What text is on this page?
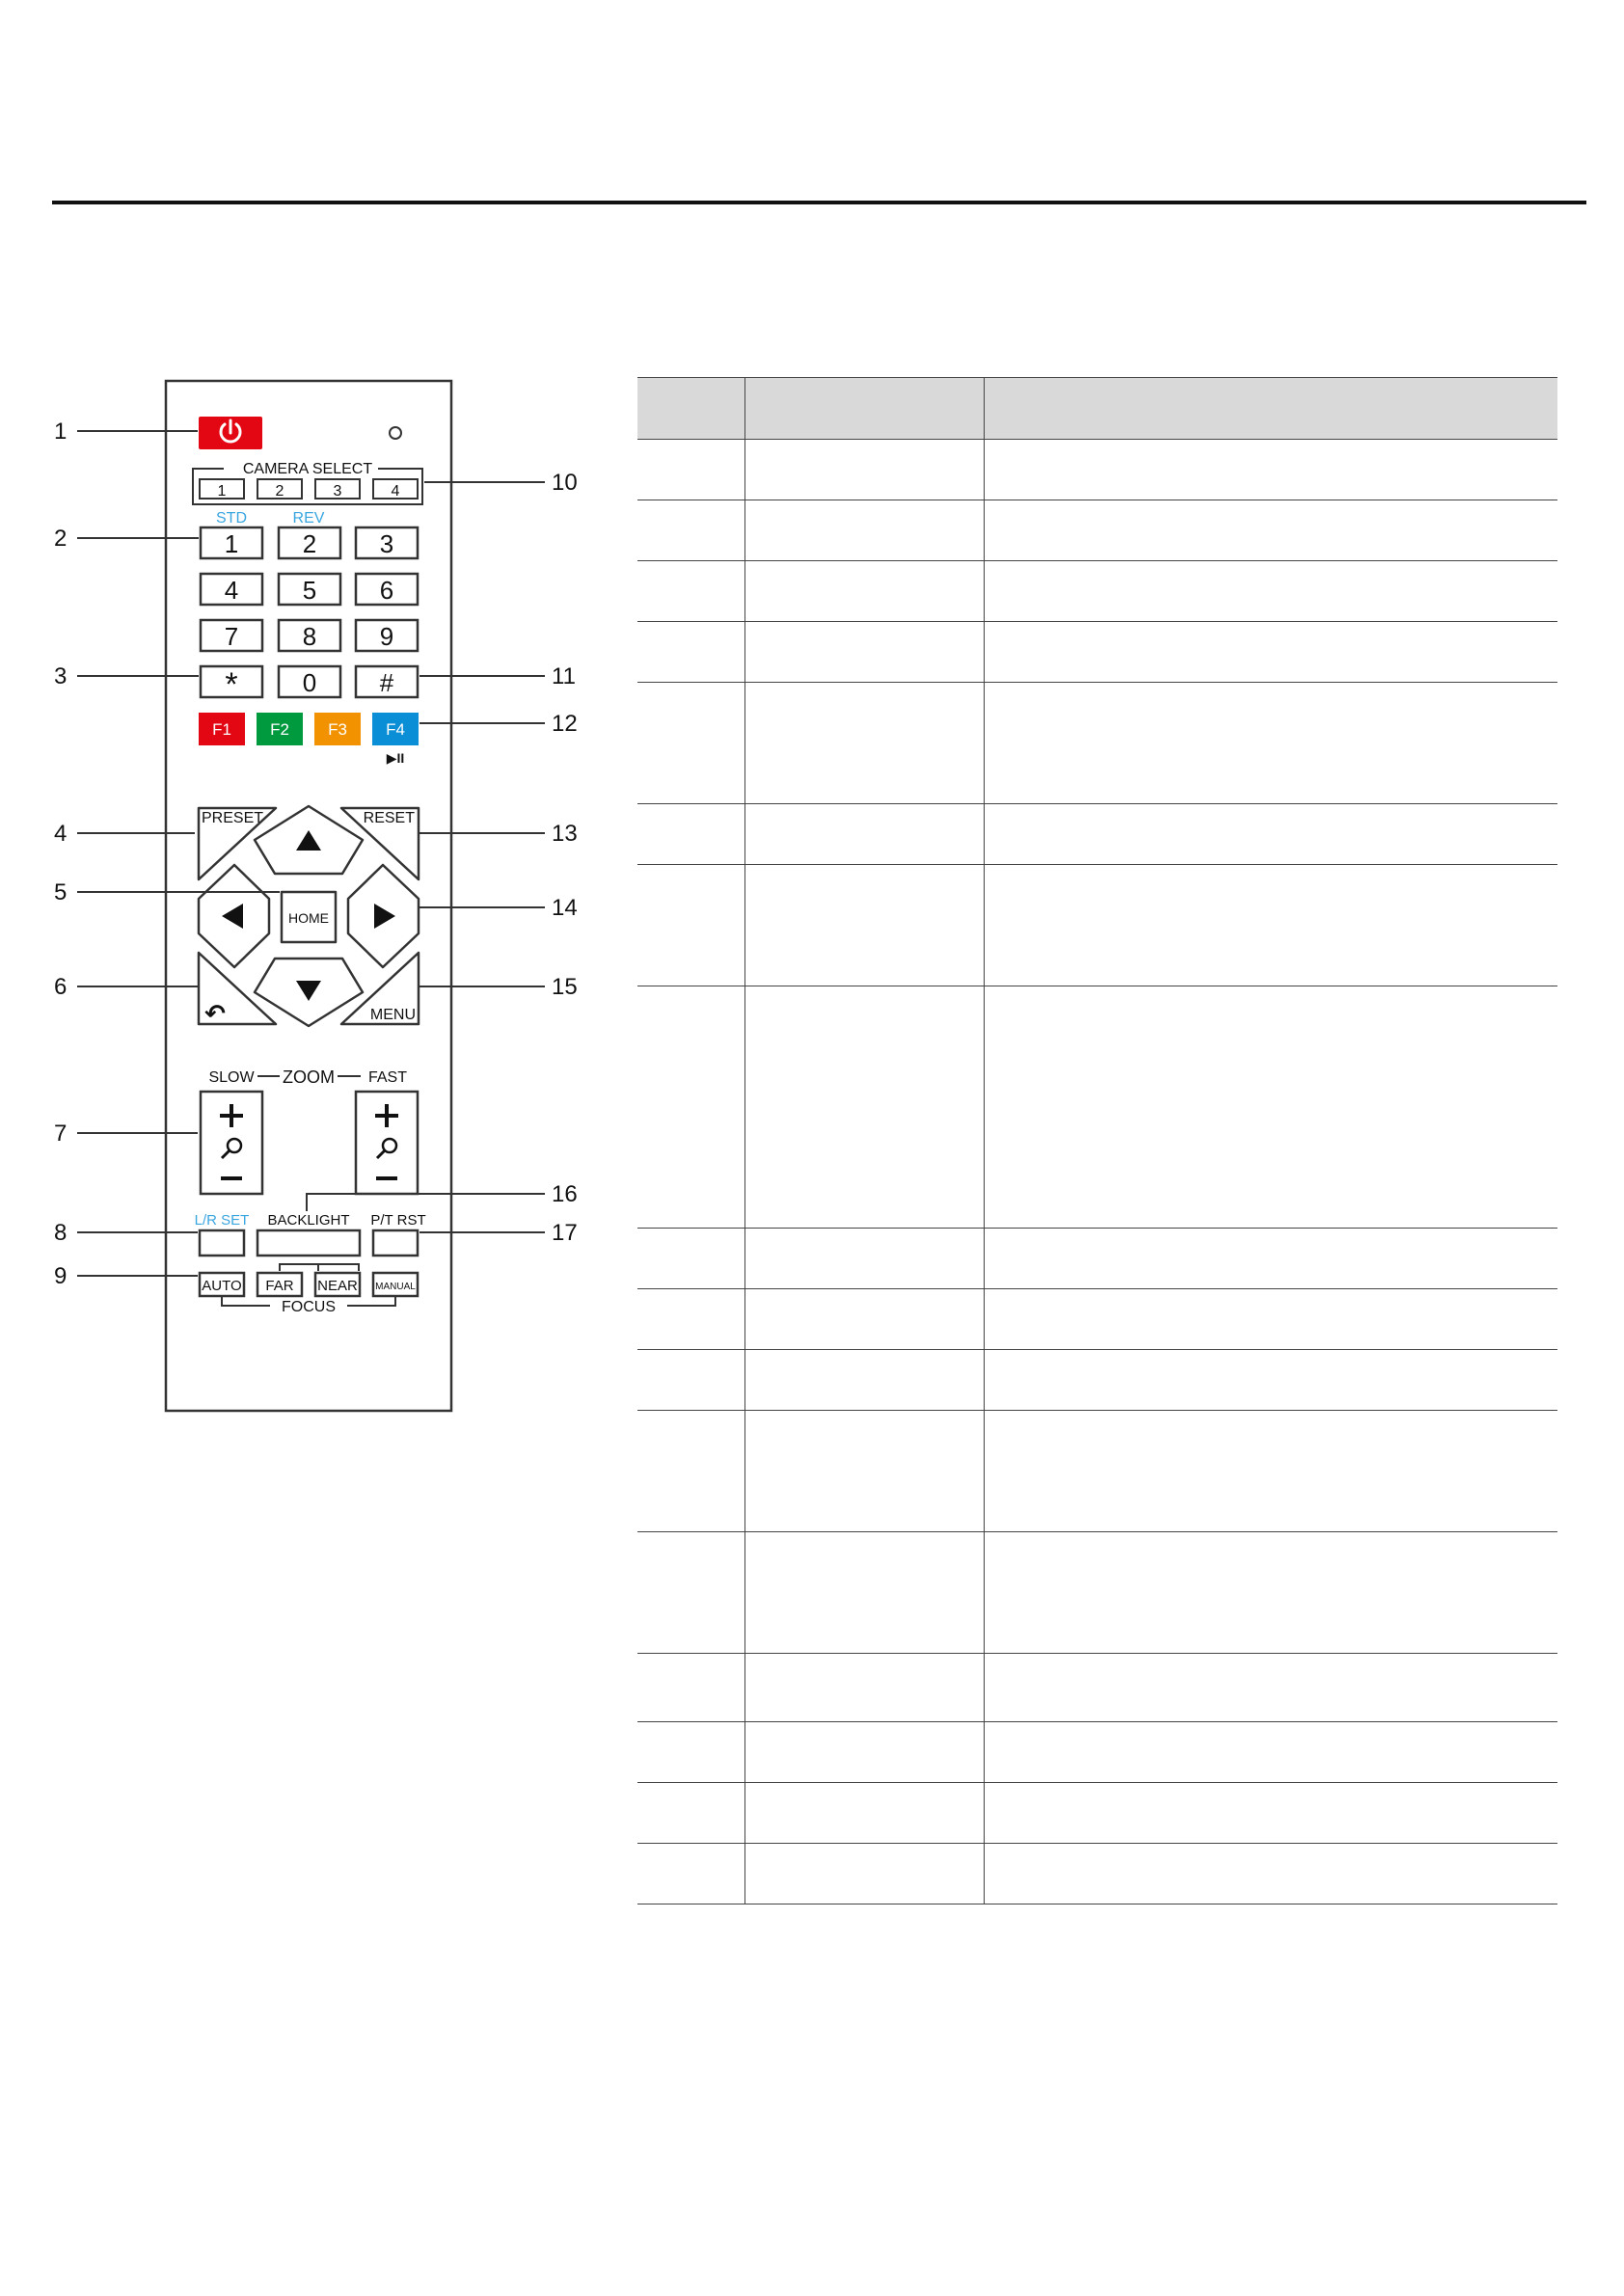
CAMERA SELECT
1	2	3	4
STD	REV
1	2	3
4	5	6
7	8	9
*	0	#
F1 F2 F3 F4
▶II
PRESET	RESET
HOME
MENU
↶
SLOW ZOOM FAST
L/R SET BACKLIGHT P/T RST
AUTO FAR NEAR MANUAL
FOCUS
1
2
3
4
5
6
7
8
9
10
11
12
13
14
15
16
17
